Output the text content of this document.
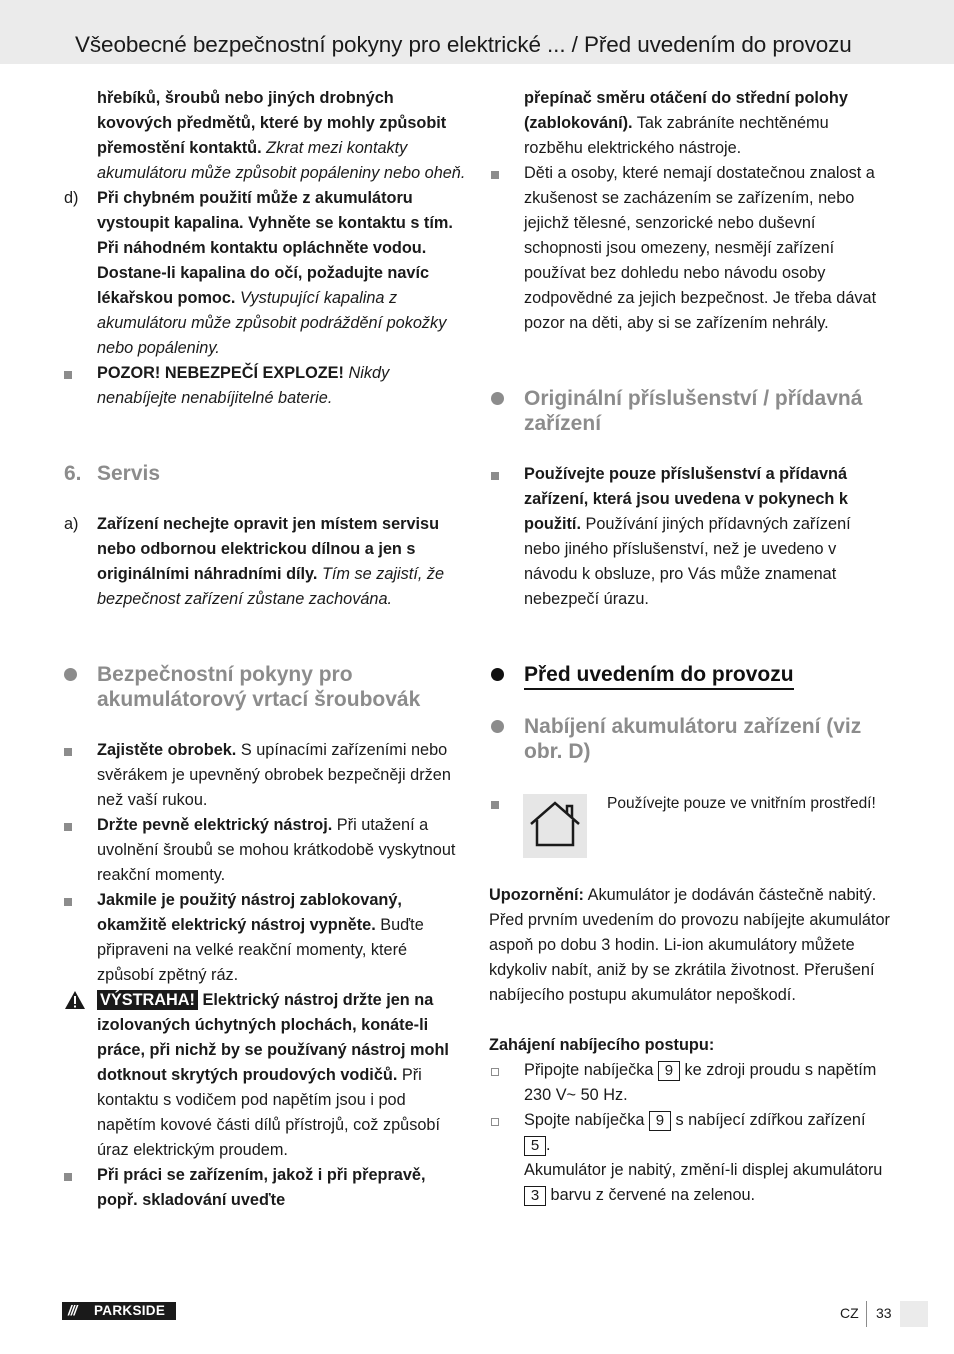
Všeobecné bezpečnostní pokyny pro elektrické ... / Před uvedením do provozu
hřebíků, šroubů nebo jiných drobných kovových předmětů, které by mohly způsobit přemostění kontaktů. Zkrat mezi kontakty akumulátoru může způsobit popáleniny nebo oheň.
d) Při chybném použití může z akumulátoru vystoupit kapalina. Vyhněte se kontaktu s tím. Při náhodném kontaktu opláchněte vodou. Dostane-li kapalina do očí, požadujte navíc lékařskou pomoc. Vystupující kapalina z akumulátoru může způsobit podráždění pokožky nebo popáleniny.
POZOR! NEBEZPEČÍ EXPLOZE! Nikdy nenabíjejte nenabíjitelné baterie.
6. Servis
a) Zařízení nechejte opravit jen místem servisu nebo odbornou elektrickou dílnou a jen s originálními náhradními díly. Tím se zajistí, že bezpečnost zařízení zůstane zachována.
Bezpečnostní pokyny pro akumulátorový vrtací šroubovák
Zajistěte obrobek. S upínacími zařízeními nebo svěrákem je upevněný obrobek bezpečněji držen než vaší rukou.
Držte pevně elektrický nástroj. Při utažení a uvolnění šroubů se mohou krátkodobě vyskytnout reakční momenty.
Jakmile je použitý nástroj zablokovaný, okamžitě elektrický nástroj vypněte. Buďte připraveni na velké reakční momenty, které způsobí zpětný ráz.
VÝSTRAHA! Elektrický nástroj držte jen na izolovaných úchytných plochách, konáte-li práce, při nichž by se používaný nástroj mohl dotknout skrytých proudových vodičů. Při kontaktu s vodičem pod napětím jsou i pod napětím kovové části dílů přístrojů, což způsobí úraz elektrickým proudem.
Při práci se zařízením, jakož i při přepravě, popř. skladování uveďte
přepínač směru otáčení do střední polohy (zablokování). Tak zabráníte nechtěnému rozběhu elektrického nástroje.
Děti a osoby, které nemají dostatečnou znalost a zkušenost se zacházením se zařízením, nebo jejichž tělesné, senzorické nebo duševní schopnosti jsou omezeny, nesmějí zařízení používat bez dohledu nebo návodu osoby zodpovědné za jejich bezpečnost. Je třeba dávat pozor na děti, aby si se zařízením nehrály.
Originální příslušenství / přídavná zařízení
Používejte pouze příslušenství a přídavná zařízení, která jsou uvedena v pokynech k použití. Používání jiných přídavných zařízení nebo jiného příslušenství, než je uvedeno v návodu k obsluze, pro Vás může znamenat nebezpečí úrazu.
Před uvedením do provozu
Nabíjení akumulátoru zařízení (viz obr. D)
Používejte pouze ve vnitřním prostředí!
Upozornění: Akumulátor je dodáván částečně nabitý. Před prvním uvedením do provozu nabíjejte akumulátor aspoň po dobu 3 hodin. Li-ion akumulátory můžete kdykoliv nabít, aniž by se zkrátila životnost. Přerušení nabíjecího postupu akumulátor nepoškodí.
Zahájení nabíjecího postupu:
Připojte nabíječka 9 ke zdroji proudu s napětím 230 V~ 50 Hz.
Spojte nabíječka 9 s nabíjecí zdířkou zařízení 5 .
Akumulátor je nabitý, změní-li displej akumulátoru 3 barvu z červené na zelenou.
/// PARKSIDE	CZ 33
